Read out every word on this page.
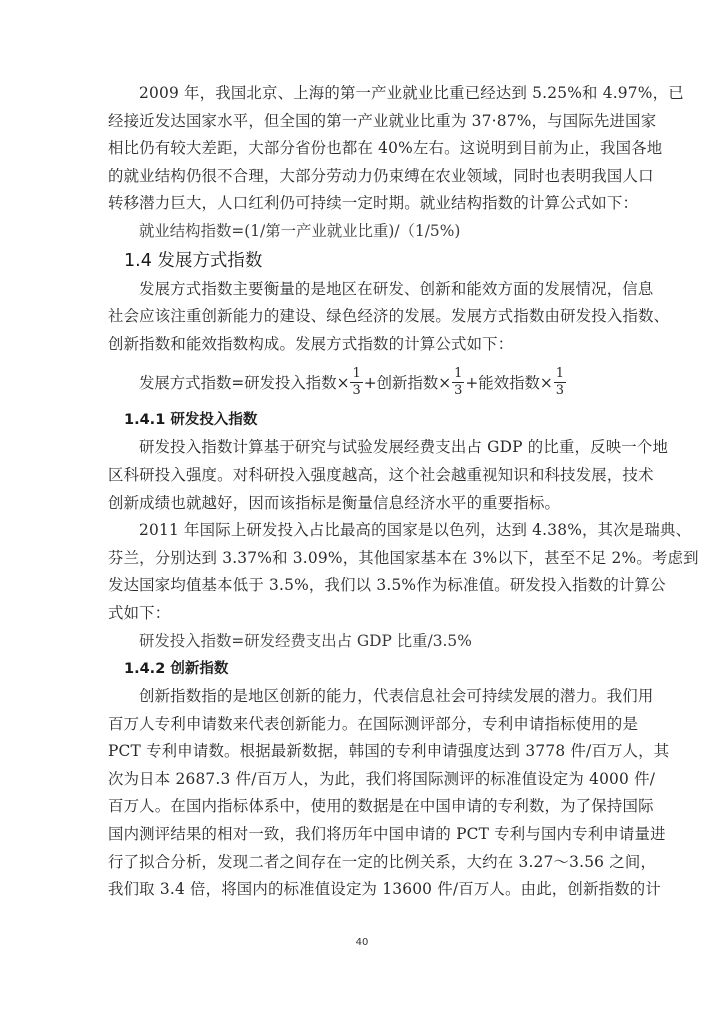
2009 年，我国北京、上海的第一产业就业比重已经达到 5.25%和 4.97%，已
经接近发达国家水平，但全国的第一产业就业比重为 37·87%，与国际先进国家
相比仍有较大差距，大部分省份也都在 40%左右。这说明到目前为止，我国各地
的就业结构仍很不合理，大部分劳动力仍束缚在农业领域，同时也表明我国人口
转移潜力巨大，人口红利仍可持续一定时期。就业结构指数的计算公式如下：

就业结构指数=(1/第一产业就业比重)/（1/5%)

1.4 发展方式指数

发展方式指数主要衡量的是地区在研发、创新和能效方面的发展情况，信息
社会应该注重创新能力的建设、绿色经济的发展。发展方式指数由研发投入指数、
创新指数和能效指数构成。发展方式指数的计算公式如下：

发展方式指数=研发投入指数× $\frac{1}{3}$ +创新指数× $\frac{1}{3}$ +能效指数× $\frac{1}{3}$
1.4.1 研发投入指数

研发投入指数计算基于研究与试验发展经费支出占 GDP 的比重，反映一个地
区科研投入强度。对科研投入强度越高，这个社会越重视知识和科技发展，技术
创新成绩也就越好，因而该指标是衡量信息经济水平的重要指标。

2011 年国际上研发投入占比最高的国家是以色列，达到 4.38%，其次是瑞典、
芬兰，分别达到 3.37%和 3.09%，其他国家基本在 3%以下，甚至不足 2%。考虑到
发达国家均值基本低于 3.5%，我们以 3.5%作为标准值。研发投入指数的计算公
式如下：

研发投入指数=研发经费支出占 GDP 比重/3.5%

1.4.2 创新指数

创新指数指的是地区创新的能力，代表信息社会可持续发展的潜力。我们用
百万人专利申请数来代表创新能力。在国际测评部分，专利申请指标使用的是
PCT 专利申请数。根据最新数据，韩国的专利申请强度达到 3778 件/百万人，其
次为日本 2687.3 件/百万人，为此，我们将国际测评的标准值设定为 4000 件/
百万人。在国内指标体系中，使用的数据是在中国申请的专利数，为了保持国际
国内测评结果的相对一致，我们将历年中国申请的 PCT 专利与国内专利申请量进
行了拟合分析，发现二者之间存在一定的比例关系，大约在 3.27～3.56 之间，
我们取 3.4 倍，将国内的标准值设定为 13600 件/百万人。由此，创新指数的计

40
